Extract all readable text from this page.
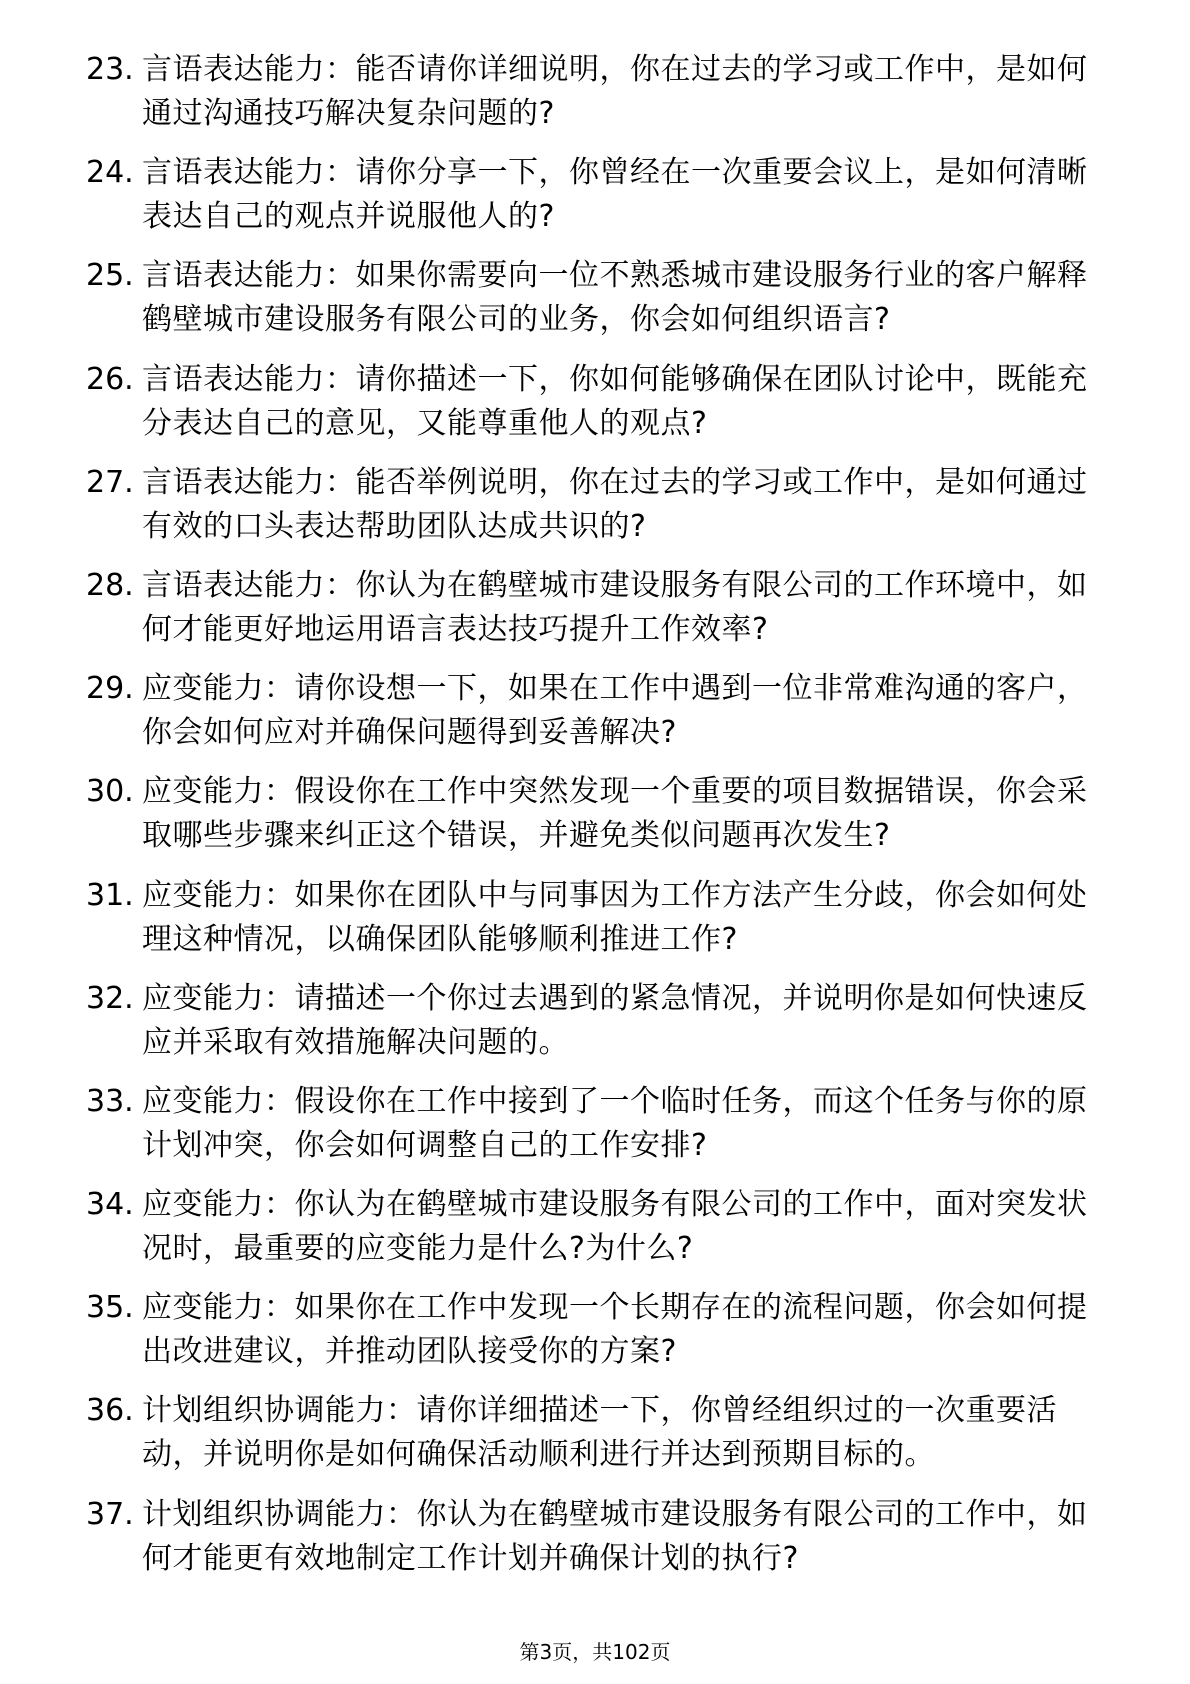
23. 言语表达能力：能否请你详细说明，你在过去的学习或工作中，是如何通过沟通技巧解决复杂问题的?
24. 言语表达能力：请你分享一下，你曾经在一次重要会议上，是如何清晰表达自己的观点并说服他人的?
25. 言语表达能力：如果你需要向一位不熟悉城市建设服务行业的客户解释鹤壁城市建设服务有限公司的业务，你会如何组织语言?
26. 言语表达能力：请你描述一下，你如何能够确保在团队讨论中，既能充分表达自己的意见，又能尊重他人的观点?
27. 言语表达能力：能否举例说明，你在过去的学习或工作中，是如何通过有效的口头表达帮助团队达成共识的?
28. 言语表达能力：你认为在鹤壁城市建设服务有限公司的工作环境中，如何才能更好地运用语言表达技巧提升工作效率?
29. 应变能力：请你设想一下，如果在工作中遇到一位非常难沟通的客户，你会如何应对并确保问题得到妥善解决?
30. 应变能力：假设你在工作中突然发现一个重要的项目数据错误，你会采取哪些步骤来纠正这个错误，并避免类似问题再次发生?
31. 应变能力：如果你在团队中与同事因为工作方法产生分歧，你会如何处理这种情况，以确保团队能够顺利推进工作?
32. 应变能力：请描述一个你过去遇到的紧急情况，并说明你是如何快速反应并采取有效措施解决问题的。
33. 应变能力：假设你在工作中接到了一个临时任务，而这个任务与你的原计划冲突，你会如何调整自己的工作安排?
34. 应变能力：你认为在鹤壁城市建设服务有限公司的工作中，面对突发状况时，最重要的应变能力是什么?为什么?
35. 应变能力：如果你在工作中发现一个长期存在的流程问题，你会如何提出改进建议，并推动团队接受你的方案?
36. 计划组织协调能力：请你详细描述一下，你曾经组织过的一次重要活动，并说明你是如何确保活动顺利进行并达到预期目标的。
37. 计划组织协调能力：你认为在鹤壁城市建设服务有限公司的工作中，如何才能更有效地制定工作计划并确保计划的执行?
第3页，共102页
